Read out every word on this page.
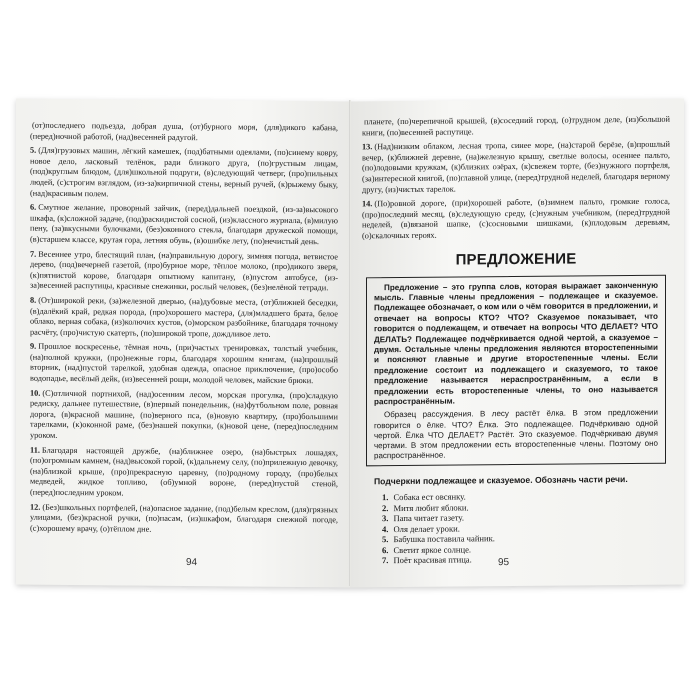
(от)последнего подъезда, добрая душа, (от)бурного моря, (для)дикого кабана, (перед)ночной работой, (над)весенней радугой.

5. (Для)грузовых машин, лёгкий камешек, (под)батными одеялами, (по)синему ковру, новое дело, ласковый телёнок, ради близкого друга, (по)грустным лицам, (под)круглым блюдом, (для)школьной подруги, (в)следующий четверг, (про)пильных людей, (с)строгим взглядом, (из-за)кирпичной стены, верный ручей, (к)рыжему быку, (над)красивым полем.

6. Смутное желание, проворный зайчик, (перед)дальней поездкой, (из-за)высокого шкафа, (к)сложной задаче, (под)раскидистой сосной, (из)классного журнала, (в)милую пену, (за)вкусными булочками, (без)оконного стекла, благодаря дружеской помощи, (в)старшем классе, крутая гора, летняя обувь, (в)ошибке лету, (по)нечистый день.

7. Весеннее утро, блестящий план, (на)правильную дорогу, зимняя погода, ветвистое дерево, (под)вечерней газетой, (про)бурное море, тёплое молоко, (про)дикого зверя, (к)пятнистой корове, благодаря опытному капитану, (в)пустом автобусе, (из-за)весенней распутицы, красивые снежинки, рослый человек, (без)нелёной тетради.

8. (От)широкой реки, (за)железной дверью, (на)дубовые места, (от)ближней беседки, (в)далёкий край, редкая порода, (про)хорошего мастера, (для)младшего брата, белое облако, верная собака, (из)колючих кустов, (о)морском разбойнике, благодаря точному расчёту, (про)чистую скатерть, (по)широкой тропе, дождливое лето.

9. Прошлое воскресенье, тёмная ночь, (при)частых тренировках, толстый учебник, (на)полной кружки, (про)нежные горы, благодаря хорошим книгам, (на)прошлый вторник, (над)пустой тарелкой, удобная одежда, опасное приключение, (про)особо водопадье, весёлый дейк, (из)весенней рощи, молодой человек, майские брюки.

10. (С)отличной портнихой, (над)осенним лесом, морская прогулка, (про)сладкую редиску, дальнее путешествие, (в)первый понедельник, (на)футбольном поле, ровная дорога, (в)красной машине, (по)верного пса, (в)новую квартиру, (про)большими тарелками, (к)оконной раме, (без)нашей покупки, (к)новой цене, (перед)последним уроком.

11. Благодаря настоящей дружбе, (на)ближнее озеро, (на)быстрых лошадях, (по)огромным камнем, (над)высокой горой, (к)дальнему селу, (по)прилежную девочку, (на)близкой крыше, (про)прекрасную царевну, (по)родному городу, (про)белых медведей, жидкое топливо, (об)умной вороне, (перед)пустой стеной, (перед)последним уроком.

12. (Без)школьных портфелей, (на)опасное задание, (под)белым креслом, (для)грязных улицами, (без)красной ручки, (по)пасам, (из)шкафом, благодаря снежной погоде, (с)хорошему врачу, (о)тёплом дне.

94

планете, (по)черепичной крышей, (в)соседний город, (о)трудном деле, (из)большой книги, (по)весенней распутице.

13. (Над)низким облаком, лесная тропа, синее море, (на)старой берёзе, (в)прошлый вечер, (к)ближней деревне, (на)железную крышу, светлые волосы, осеннее пальто, (по)лодовыми кружкам, (к)близких озёрах, (к)свежем торте, (без)нужного портфеля, (за)интересной книгой, (по)главной улице, (перед)трудной неделей, благодаря верному другу, (из)чистых тарелок.

14. (По)ровной дороге, (при)хорошей работе, (в)зимнем пальто, громкие голоса, (про)последний месяц, (в)следующую среду, (с)нужным учебником, (перед)трудной неделей, (в)вязаной шапке, (с)сосновыми шишками, (к)плодовым деревьям, (о)скалочных героях.

ПРЕДЛОЖЕНИЕ

Предложение – это группа слов, которая выражает законченную мысль. Главные члены предложения – подлежащее и сказуемое. Подлежащее обозначает, о ком или о чём говорится в предложении, и отвечает на вопросы КТО? ЧТО? Сказуемое показывает, что говорится о подлежащем, и отвечает на вопросы ЧТО ДЕЛАЕТ? ЧТО ДЕЛАТЬ? Подлежащее подчёркивается одной чертой, а сказуемое – двумя. Остальные члены предложения являются второстепенными и поясняют главные и другие второстепенные члены. Если предложение состоит из подлежащего и сказуемого, то такое предложение называется нераспространённым, а если в предложении есть второстепенные члены, то оно называется распространённым.

Образец рассуждения. В лесу растёт ёлка. В этом предложении говорится о ёлке. ЧТО? Ёлка. Это подлежащее. Подчёркиваю одной чертой. Ёлка ЧТО ДЕЛАЕТ? Растёт. Это сказуемое. Подчёркиваю двумя чертами. В этом предложении есть второстепенные члены. Поэтому оно распространённое.

Подчеркни подлежащее и сказуемое. Обозначь части речи.
1. Собака ест овсянку.
2. Митя любит яблоки.
3. Папа читает газету.
4. Оля делает уроки.
5. Бабушка поставила чайник.
6. Светит яркое солнце.
7. Поёт красивая птица.	95
